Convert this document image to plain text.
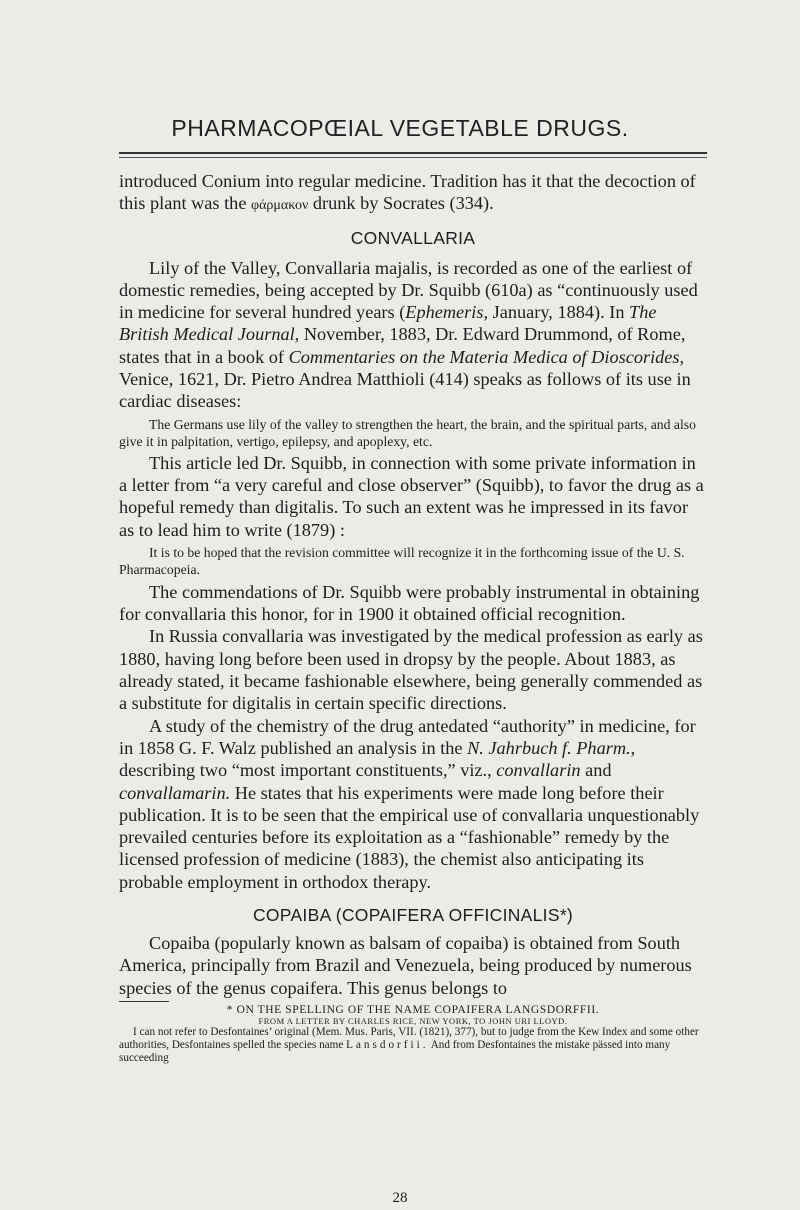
PHARMACOPŒIAL VEGETABLE DRUGS.

introduced Conium into regular medicine. Tradition has it that the decoction of this plant was the φάρμακον drunk by Socrates (334).

CONVALLARIA

Lily of the Valley, Convallaria majalis, is recorded as one of the earliest of domestic remedies, being accepted by Dr. Squibb (610a) as “continuously used in medicine for several hundred years (Ephemeris, January, 1884). In The British Medical Journal, November, 1883, Dr. Edward Drummond, of Rome, states that in a book of Commentaries on the Materia Medica of Dioscorides, Venice, 1621, Dr. Pietro Andrea Matthioli (414) speaks as follows of its use in cardiac diseases:

The Germans use lily of the valley to strengthen the heart, the brain, and the spiritual parts, and also give it in palpitation, vertigo, epilepsy, and apoplexy, etc.

This article led Dr. Squibb, in connection with some private information in a letter from “a very careful and close observer” (Squibb), to favor the drug as a hopeful remedy than digitalis. To such an extent was he impressed in its favor as to lead him to write (1879) :

It is to be hoped that the revision committee will recognize it in the forthcoming issue of the U. S. Pharmacopeia.

The commendations of Dr. Squibb were probably instrumental in obtaining for convallaria this honor, for in 1900 it obtained official recognition.

In Russia convallaria was investigated by the medical profession as early as 1880, having long before been used in dropsy by the people. About 1883, as already stated, it became fashionable elsewhere, being generally commended as a substitute for digitalis in certain specific directions.

A study of the chemistry of the drug antedated “authority” in medicine, for in 1858 G. F. Walz published an analysis in the N. Jahrbuch f. Pharm., describing two “most important constituents,” viz., convallarin and convallamarin. He states that his experiments were made long before their publication. It is to be seen that the empirical use of convallaria unquestionably prevailed centuries before its exploitation as a “fashionable” remedy by the licensed profession of medicine (1883), the chemist also anticipating its probable employment in orthodox therapy.

COPAIBA (COPAIFERA OFFICINALIS*)

Copaiba (popularly known as balsam of copaiba) is obtained from South America, principally from Brazil and Venezuela, being produced by numerous species of the genus copaifera. This genus belongs to

* ON THE SPELLING OF THE NAME COPAIFERA LANGSDORFFII.

FROM A LETTER BY CHARLES RICE, NEW YORK, TO JOHN URI LLOYD.

I can not refer to Desfontaines’ original (Mem. Mus. Paris, VII. (1821), 377), but to judge from the Kew Index and some other authorities, Desfontaines spelled the species name Lansdorfii. And from Desfontaines the mistake pässed into many succeeding

28
